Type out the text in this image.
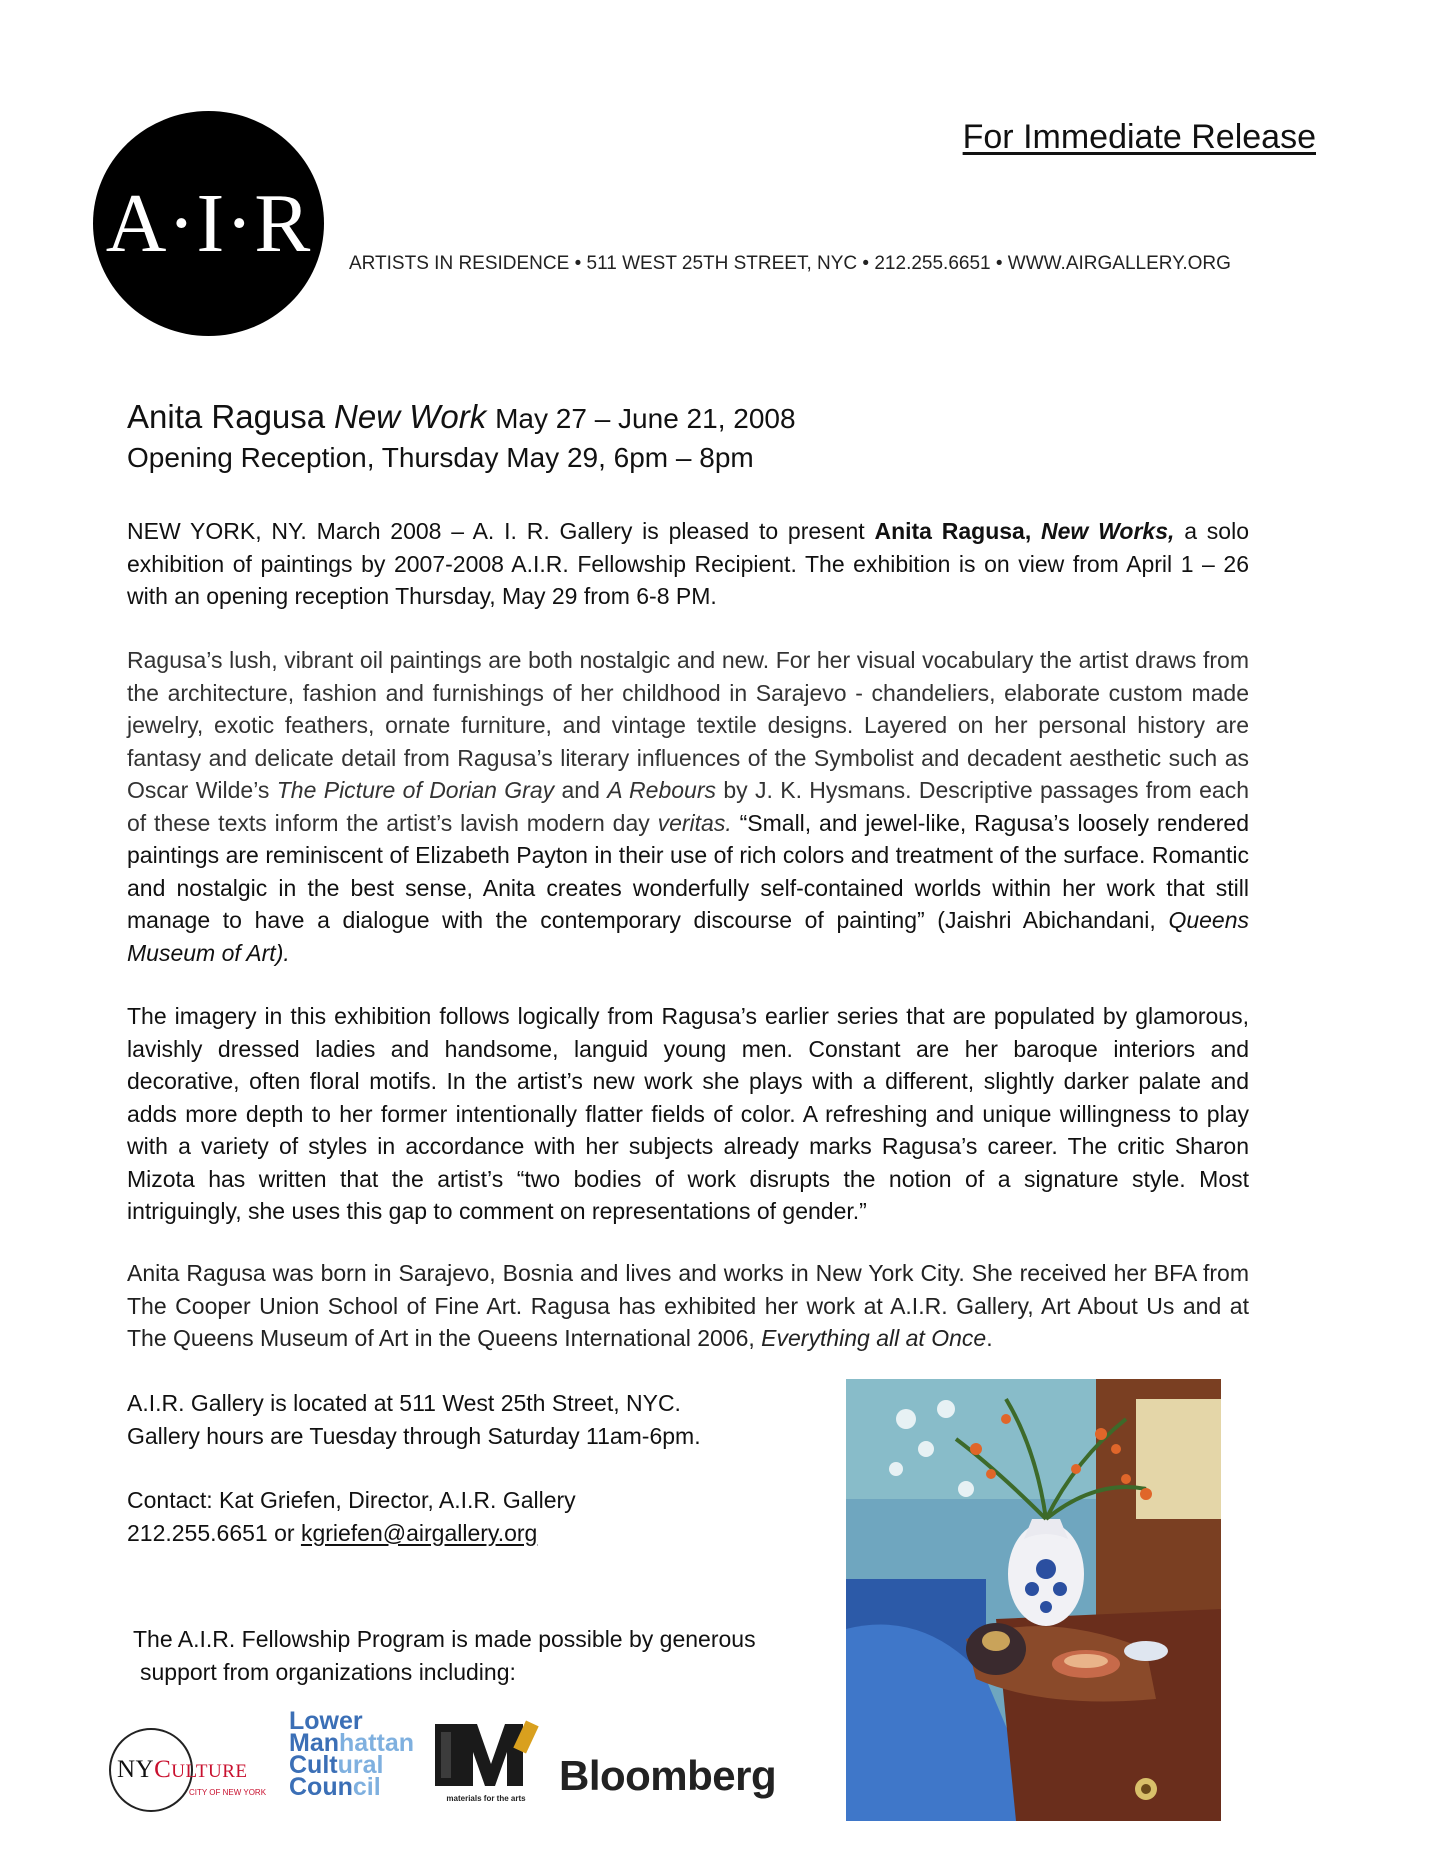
A·I·R
For Immediate Release
ARTISTS IN RESIDENCE • 511 WEST 25TH STREET, NYC • 212.255.6651 • WWW.AIRGALLERY.ORG
Anita Ragusa New Work May 27 – June 21, 2008
Opening Reception, Thursday May 29, 6pm – 8pm

NEW YORK, NY. March 2008 – A. I. R. Gallery is pleased to present Anita Ragusa, New Works, a solo exhibition of paintings by 2007-2008 A.I.R. Fellowship Recipient. The exhibition is on view from April 1 – 26 with an opening reception Thursday, May 29 from 6-8 PM.

Ragusa’s lush, vibrant oil paintings are both nostalgic and new. For her visual vocabulary the artist draws from the architecture, fashion and furnishings of her childhood in Sarajevo - chandeliers, elaborate custom made jewelry, exotic feathers, ornate furniture, and vintage textile designs. Layered on her personal history are fantasy and delicate detail from Ragusa’s literary influences of the Symbolist and decadent aesthetic such as Oscar Wilde’s The Picture of Dorian Gray and A Rebours by J. K. Hysmans. Descriptive passages from each of these texts inform the artist’s lavish modern day veritas. “Small, and jewel-like, Ragusa’s loosely rendered paintings are reminiscent of Elizabeth Payton in their use of rich colors and treatment of the surface. Romantic and nostalgic in the best sense, Anita creates wonderfully self-contained worlds within her work that still manage to have a dialogue with the contemporary discourse of painting” (Jaishri Abichandani, Queens Museum of Art).

The imagery in this exhibition follows logically from Ragusa’s earlier series that are populated by glamorous, lavishly dressed ladies and handsome, languid young men. Constant are her baroque interiors and decorative, often floral motifs. In the artist’s new work she plays with a different, slightly darker palate and adds more depth to her former intentionally flatter fields of color. A refreshing and unique willingness to play with a variety of styles in accordance with her subjects already marks Ragusa’s career. The critic Sharon Mizota has written that the artist’s “two bodies of work disrupts the notion of a signature style. Most intriguingly, she uses this gap to comment on representations of gender.”

Anita Ragusa was born in Sarajevo, Bosnia and lives and works in New York City. She received her BFA from The Cooper Union School of Fine Art. Ragusa has exhibited her work at A.I.R. Gallery, Art About Us and at The Queens Museum of Art in the Queens International 2006, Everything all at Once.

A.I.R. Gallery is located at 511 West 25th Street, NYC.
Gallery hours are Tuesday through Saturday 11am-6pm.
Contact: Kat Griefen, Director, A.I.R. Gallery
212.255.6651 or kgriefen@airgallery.org
The A.I.R. Fellowship Program is made possible by generous
support from organizations including:
NYCULTURE
CITY OF NEW YORK
Lower
Manhattan
Cultural
Council	materials for the arts Bloomberg
